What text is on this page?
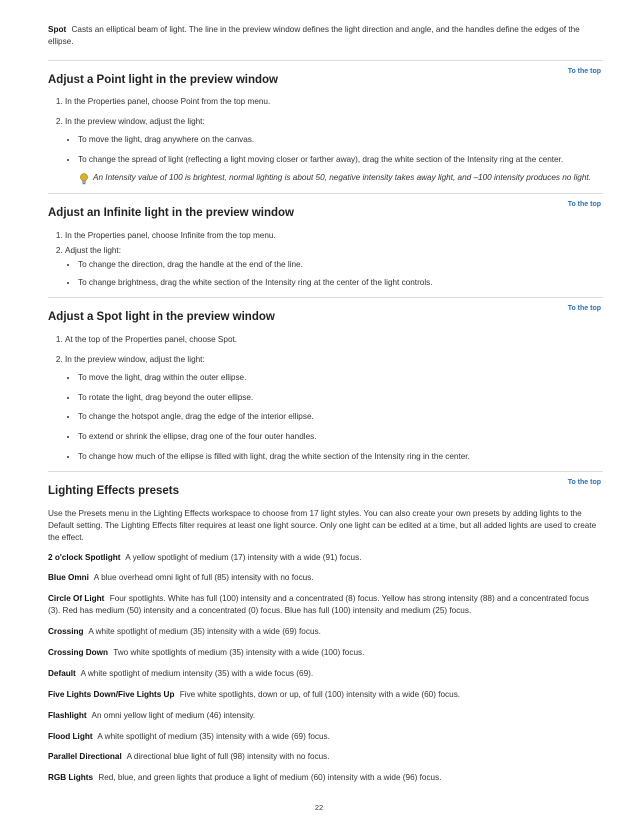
Spot Casts an elliptical beam of light. The line in the preview window defines the light direction and angle, and the handles define the edges of the ellipse.

To the top
Adjust a Point light in the preview window
1. In the Properties panel, choose Point from the top menu.
2. In the preview window, adjust the light:
• To move the light, drag anywhere on the canvas.
• To change the spread of light (reflecting a light moving closer or farther away), drag the white section of the Intensity ring at the center.
An Intensity value of 100 is brightest, normal lighting is about 50, negative intensity takes away light, and –100 intensity produces no light.
To the top
Adjust an Infinite light in the preview window
1. In the Properties panel, choose Infinite from the top menu.
2. Adjust the light:
• To change the direction, drag the handle at the end of the line.
• To change brightness, drag the white section of the Intensity ring at the center of the light controls.
To the top
Adjust a Spot light in the preview window
1. At the top of the Properties panel, choose Spot.
2. In the preview window, adjust the light:
• To move the light, drag within the outer ellipse.
• To rotate the light, drag beyond the outer ellipse.
• To change the hotspot angle, drag the edge of the interior ellipse.
• To extend or shrink the ellipse, drag one of the four outer handles.
• To change how much of the ellipse is filled with light, drag the white section of the Intensity ring in the center.
To the top
Lighting Effects presets

Use the Presets menu in the Lighting Effects workspace to choose from 17 light styles. You can also create your own presets by adding lights to the Default setting. The Lighting Effects filter requires at least one light source. Only one light can be edited at a time, but all added lights are used to create the effect.

2 o'clock Spotlight A yellow spotlight of medium (17) intensity with a wide (91) focus.

Blue Omni A blue overhead omni light of full (85) intensity with no focus.

Circle Of Light Four spotlights. White has full (100) intensity and a concentrated (8) focus. Yellow has strong intensity (88) and a concentrated focus (3). Red has medium (50) intensity and a concentrated (0) focus. Blue has full (100) intensity and medium (25) focus.

Crossing A white spotlight of medium (35) intensity with a wide (69) focus.

Crossing Down Two white spotlights of medium (35) intensity with a wide (100) focus.

Default A white spotlight of medium intensity (35) with a wide focus (69).

Five Lights Down/Five Lights Up Five white spotlights, down or up, of full (100) intensity with a wide (60) focus.

Flashlight An omni yellow light of medium (46) intensity.

Flood Light A white spotlight of medium (35) intensity with a wide (69) focus.

Parallel Directional A directional blue light of full (98) intensity with no focus.

RGB Lights Red, blue, and green lights that produce a light of medium (60) intensity with a wide (96) focus.

22
